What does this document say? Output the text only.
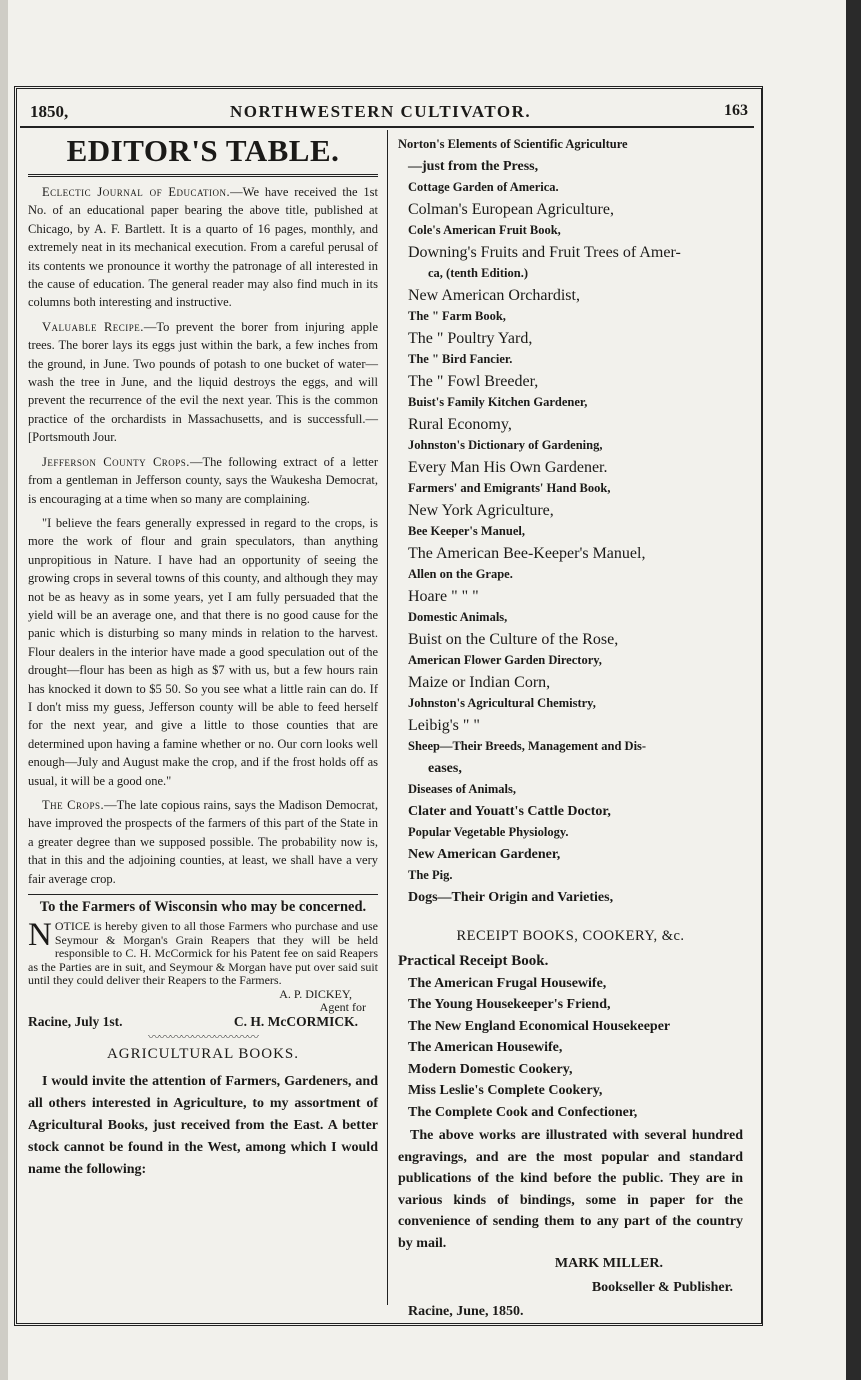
1850,	NORTHWESTERN CULTIVATOR.	163
EDITOR'S TABLE.

Eclectic Journal of Education.—We have received the 1st No. of an educational paper bearing the above title, published at Chicago, by A. F. Bartlett. It is a quarto of 16 pages, monthly, and extremely neat in its mechanical execution. From a careful perusal of its contents we pronounce it worthy the patronage of all interested in the cause of education. The general reader may also find much in its columns both interesting and instructive.

Valuable Recipe.—To prevent the borer from injuring apple trees. The borer lays its eggs just within the bark, a few inches from the ground, in June. Two pounds of potash to one bucket of water—wash the tree in June, and the liquid destroys the eggs, and will prevent the recurrence of the evil the next year. This is the common practice of the orchardists in Massachusetts, and is successfull.—[Portsmouth Jour.

Jefferson County Crops.—The following extract of a letter from a gentleman in Jefferson county, says the Waukesha Democrat, is encouraging at a time when so many are complaining.

"I believe the fears generally expressed in regard to the crops, is more the work of flour and grain speculators, than anything unpropitious in Nature. I have had an opportunity of seeing the growing crops in several towns of this county, and although they may not be as heavy as in some years, yet I am fully persuaded that the yield will be an average one, and that there is no good cause for the panic which is disturbing so many minds in relation to the harvest. Flour dealers in the interior have made a good speculation out of the drought—flour has been as high as $7 with us, but a few hours rain has knocked it down to $5 50. So you see what a little rain can do. If I don't miss my guess, Jefferson county will be able to feed herself for the next year, and give a little to those counties that are determined upon having a famine whether or no. Our corn looks well enough—July and August make the crop, and if the frost holds off as usual, it will be a good one."

The Crops.—The late copious rains, says the Madison Democrat, have improved the prospects of the farmers of this part of the State in a greater degree than we supposed possible. The probability now is, that in this and the adjoining counties, at least, we shall have a very fair average crop.

To the Farmers of Wisconsin who may be concerned.
NOTICE is hereby given to all those Farmers who purchase and use Seymour & Morgan's Grain Reapers that they will be held responsible to C. H. McCormick for his Patent fee on said Reapers as the Parties are in suit, and Seymour & Morgan have put over said suit until they could deliver their Reapers to the Farmers.
A. P. DICKEY,
Agent for
Racine, July 1st.	C. H. McCORMICK.
〰〰〰〰〰〰〰〰〰〰
AGRICULTURAL BOOKS.

I would invite the attention of Farmers, Gardeners, and all others interested in Agriculture, to my assortment of Agricultural Books, just received from the East. A better stock cannot be found in the West, among which I would name the following:

Norton's Elements of Scientific Agriculture
—just from the Press,
Cottage Garden of America.
Colman's European Agriculture,
Cole's American Fruit Book,
Downing's Fruits and Fruit Trees of Amer-
ca, (tenth Edition.)
New American Orchardist,
The " Farm Book,
The " Poultry Yard,
The " Bird Fancier.
The " Fowl Breeder,
Buist's Family Kitchen Gardener,
Rural Economy,
Johnston's Dictionary of Gardening,
Every Man His Own Gardener.
Farmers' and Emigrants' Hand Book,
New York Agriculture,
Bee Keeper's Manuel,
The American Bee-Keeper's Manuel,
Allen on the Grape.
Hoare " " "
Domestic Animals,
Buist on the Culture of the Rose,
American Flower Garden Directory,
Maize or Indian Corn,
Johnston's Agricultural Chemistry,
Leibig's " "
Sheep—Their Breeds, Management and Dis-
eases,
Diseases of Animals,
Clater and Youatt's Cattle Doctor,
Popular Vegetable Physiology.
New American Gardener,
The Pig.
Dogs—Their Origin and Varieties,
RECEIPT BOOKS, COOKERY, &c.
Practical Receipt Book.
The American Frugal Housewife,
The Young Housekeeper's Friend,
The New England Economical Housekeeper
The American Housewife,
Modern Domestic Cookery,
Miss Leslie's Complete Cookery,
The Complete Cook and Confectioner,

The above works are illustrated with several hundred engravings, and are the most popular and standard publications of the kind before the public. They are in various kinds of bindings, some in paper for the convenience of sending them to any part of the country by mail.

MARK MILLER.
Bookseller & Publisher.
Racine, June, 1850.
